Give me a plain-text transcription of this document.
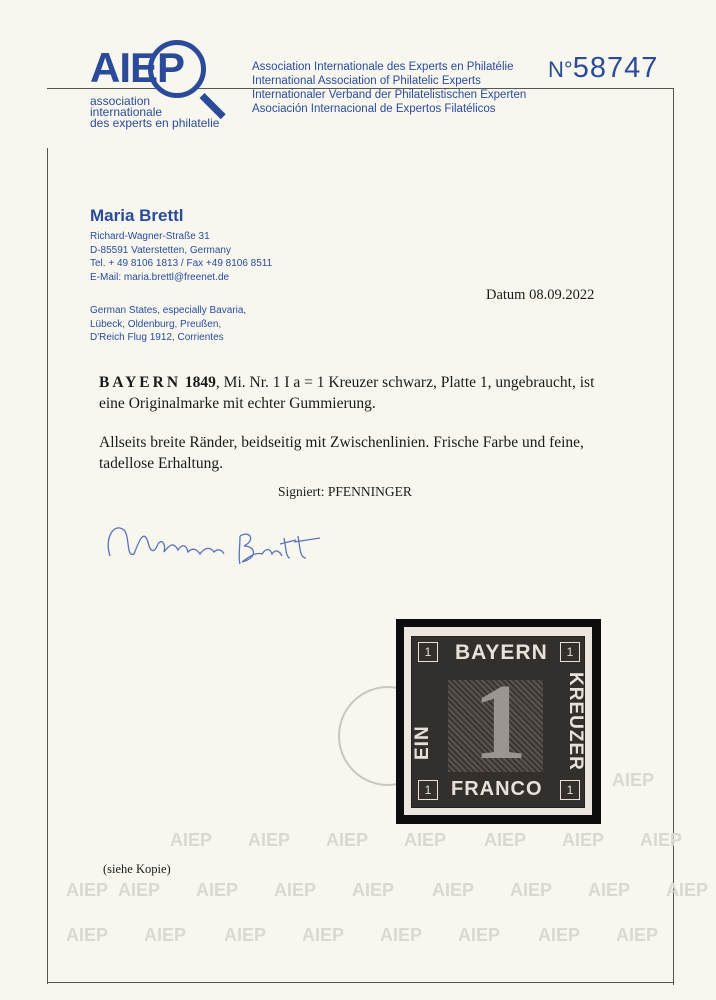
AIEP
AIEP AIEP AIEP AIEP AIEP AIEP AIEP
AIEP AIEP AIEP AIEP AIEP AIEP AIEP AIEP AIEP
AIEP AIEP AIEP AIEP AIEP AIEP AIEP AIEP
AIEP
association
internationale
des experts en philatelie
Association Internationale des Experts en Philatélie
International Association of Philatelic Experts
Internationaler Verband der Philatelistischen Experten
Asociación Internacional de Expertos Filatélicos
N°58747
Maria Brettl
Richard-Wagner-Straße 31
D-85591 Vaterstetten, Germany
Tel. + 49 8106 1813 / Fax +49 8106 8511
E-Mail: maria.brettl@freenet.de
German States, especially Bavaria,
Lübeck, Oldenburg, Preußen,
D'Reich Flug 1912, Corrientes
Datum 08.09.2022
BAYERN 1849, Mi. Nr. 1 I a = 1 Kreuzer schwarz, Platte 1, ungebraucht, ist eine Originalmarke mit echter Gummierung.
Allseits breite Ränder, beidseitig mit Zwischenlinien. Frische Farbe und feine, tadellose Erhaltung.
Signiert: PFENNINGER
1
BAYERN
FRANCO
EIN	KREUZER
1	1
1	1
(siehe Kopie)
